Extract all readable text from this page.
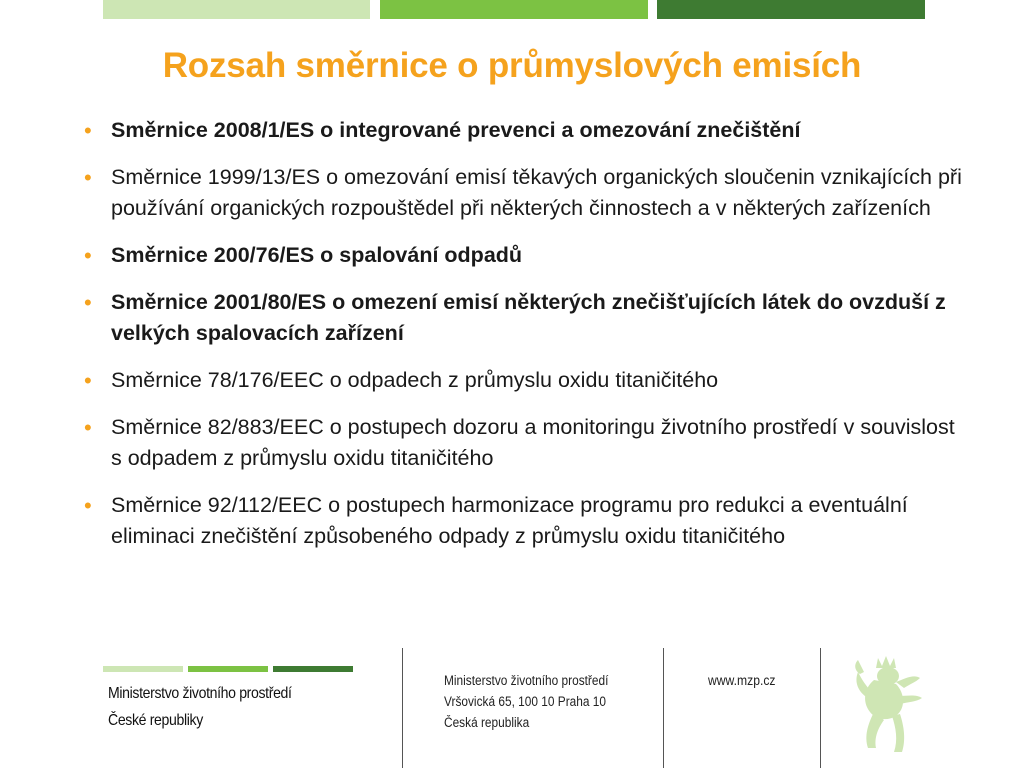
Rozsah směrnice o průmyslových emisích
• Směrnice 2008/1/ES o integrované prevenci a omezování znečištění
• Směrnice 1999/13/ES o omezování emisí těkavých organických sloučenin vznikajících při používání organických rozpouštědel při některých činnostech a v některých zařízeních
• Směrnice 200/76/ES o spalování odpadů
• Směrnice 2001/80/ES o omezení emisí některých znečišťujících látek do ovzduší z velkých spalovacích zařízení
• Směrnice 78/176/EEC o odpadech z průmyslu oxidu titaničitého
• Směrnice 82/883/EEC o postupech dozoru a monitoringu životního prostředí v souvislost s odpadem z průmyslu oxidu titaničitého
• Směrnice 92/112/EEC o postupech harmonizace programu pro redukci a eventuální eliminaci znečištění způsobeného odpady z průmyslu oxidu titaničitého
Ministerstvo životního prostředí
České republiky
Ministerstvo životního prostředí
Vršovická 65, 100 10 Praha 10
Česká republika
www.mzp.cz
